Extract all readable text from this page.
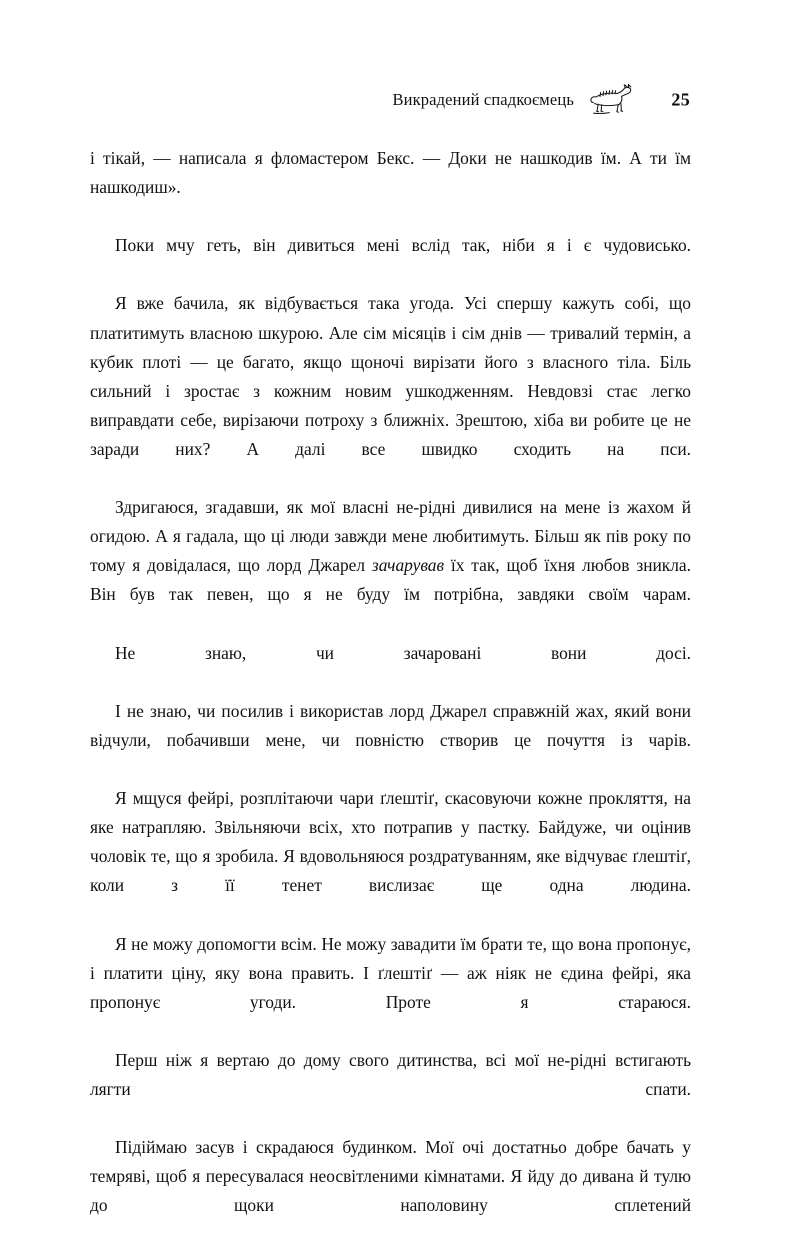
Викрадений спадкоємець	25

і тікай, — написала я фломастером Бекс. — Доки не нашкодив їм. А ти їм нашкодиш».

Поки мчу геть, він дивиться мені вслід так, ніби я і є чудовисько.

Я вже бачила, як відбувається така угода. Усі спершу кажуть собі, що платитимуть власною шкурою. Але сім місяців і сім днів — тривалий термін, а кубик плоті — це багато, якщо щоночі вирізати його з власного тіла. Біль сильний і зростає з кожним новим ушкодженням. Невдовзі стає легко виправдати себе, вирізаючи потроху з ближніх. Зрештою, хіба ви робите це не заради них? А далі все швидко сходить на пси.

Здригаюся, згадавши, як мої власні не-рідні дивилися на мене із жахом й огидою. А я гадала, що ці люди завжди мене любитимуть. Більш як пів року по тому я довідалася, що лорд Джарел зачарував їх так, щоб їхня любов зникла. Він був так певен, що я не буду їм потрібна, завдяки своїм чарам.

Не знаю, чи зачаровані вони досі.

І не знаю, чи посилив і використав лорд Джарел справжній жах, який вони відчули, побачивши мене, чи повністю створив це почуття із чарів.

Я мщуся фейрі, розплітаючи чари ґлештіґ, скасовуючи кожне прокляття, на яке натрапляю. Звільняючи всіх, хто потрапив у пастку. Байдуже, чи оцінив чоловік те, що я зробила. Я вдовольняюся роздратуванням, яке відчуває ґлештіґ, коли з її тенет вислизає ще одна людина.

Я не можу допомогти всім. Не можу завадити їм брати те, що вона пропонує, і платити ціну, яку вона править. І ґлештіґ — аж ніяк не єдина фейрі, яка пропонує угоди. Проте я стараюся.

Перш ніж я вертаю до дому свого дитинства, всі мої не-рідні встигають лягти спати.

Підіймаю засув і скрадаюся будинком. Мої очі достатньо добре бачать у темряві, щоб я пересувалася неосвітленими кімнатами. Я йду до дивана й тулю до щоки наполовину сплетений
